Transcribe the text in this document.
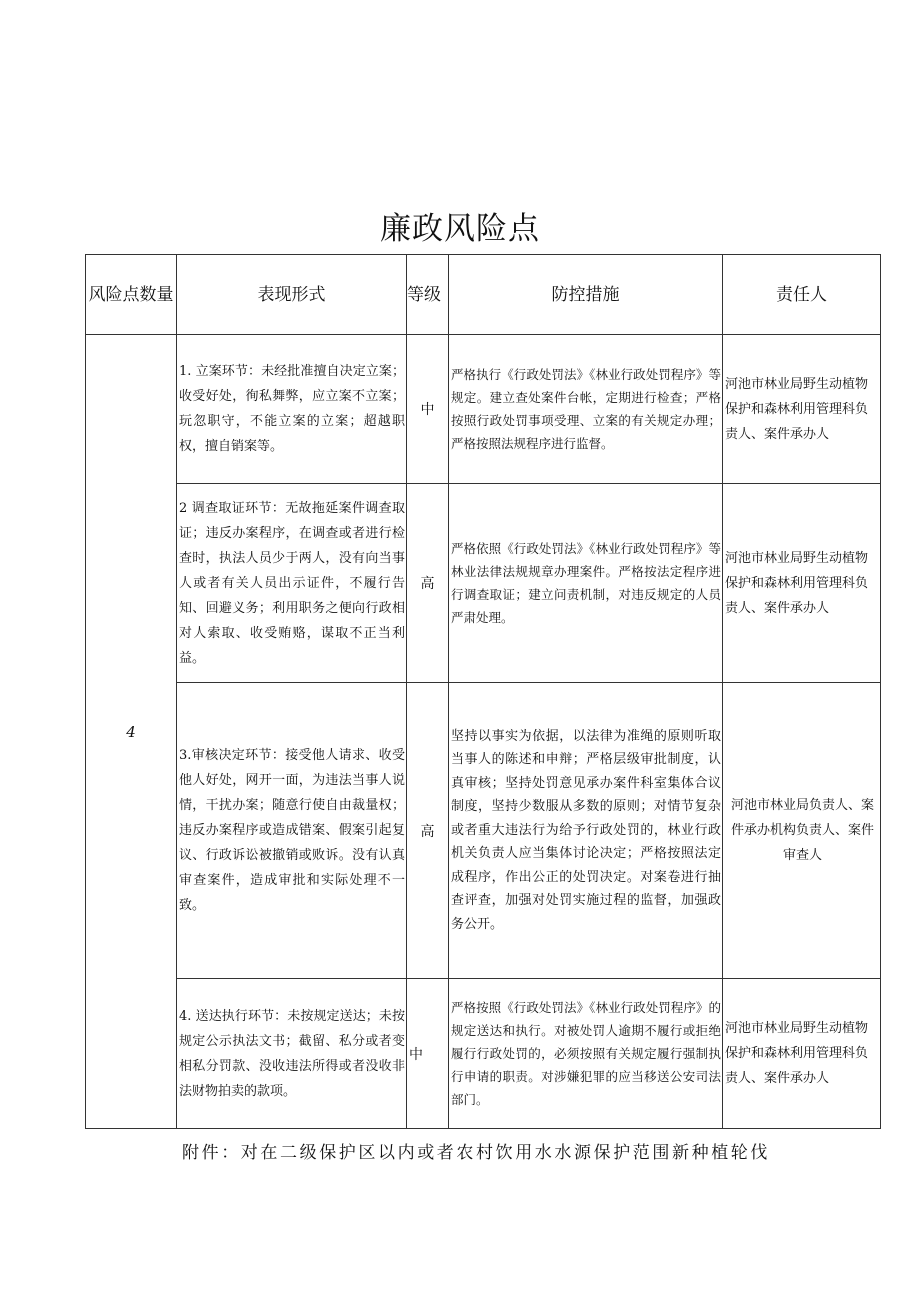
廉政风险点
风险点数量	表现形式	等级	防控措施	责任人
4	1. 立案环节：未经批准擅自决定立案；收受好处，徇私舞弊，应立案不立案；玩忽职守，不能立案的立案；超越职权，擅自销案等。	中	严格执行《行政处罚法》《林业行政处罚程序》等规定。建立查处案件台帐，定期进行检查；严格按照行政处罚事项受理、立案的有关规定办理；严格按照法规程序进行监督。	河池市林业局野生动植物保护和森林利用管理科负责人、案件承办人
	2 调查取证环节：无故拖延案件调查取证；违反办案程序，在调查或者进行检查时，执法人员少于两人，没有向当事人或者有关人员出示证件，不履行告知、回避义务；利用职务之便向行政相对人索取、收受贿赂，谋取不正当利益。	高	严格依照《行政处罚法》《林业行政处罚程序》等林业法律法规规章办理案件。严格按法定程序进行调查取证；建立问责机制，对违反规定的人员严肃处理。	河池市林业局野生动植物保护和森林利用管理科负责人、案件承办人
	3.审核决定环节：接受他人请求、收受他人好处，网开一面，为违法当事人说情，干扰办案；随意行使自由裁量权；违反办案程序或造成错案、假案引起复议、行政诉讼被撤销或败诉。没有认真审查案件，造成审批和实际处理不一致。	高	坚持以事实为依据，以法律为准绳的原则听取当事人的陈述和申辩；严格层级审批制度，认真审核；坚持处罚意见承办案件科室集体合议制度，坚持少数服从多数的原则；对情节复杂或者重大违法行为给予行政处罚的，林业行政机关负责人应当集体讨论决定；严格按照法定成程序，作出公正的处罚决定。对案卷进行抽查评查，加强对处罚实施过程的监督，加强政务公开。	河池市林业局负责人、案件承办机构负责人、案件审查人
	4. 送达执行环节：未按规定送达；未按规定公示执法文书；截留、私分或者变相私分罚款、没收违法所得或者没收非法财物拍卖的款项。	中	严格按照《行政处罚法》《林业行政处罚程序》的规定送达和执行。对被处罚人逾期不履行或拒绝履行行政处罚的，必须按照有关规定履行强制执行申请的职责。对涉嫌犯罪的应当移送公安司法部门。	河池市林业局野生动植物保护和森林利用管理科负责人、案件承办人
附件：对在二级保护区以内或者农村饮用水水源保护范围新种植轮伐
